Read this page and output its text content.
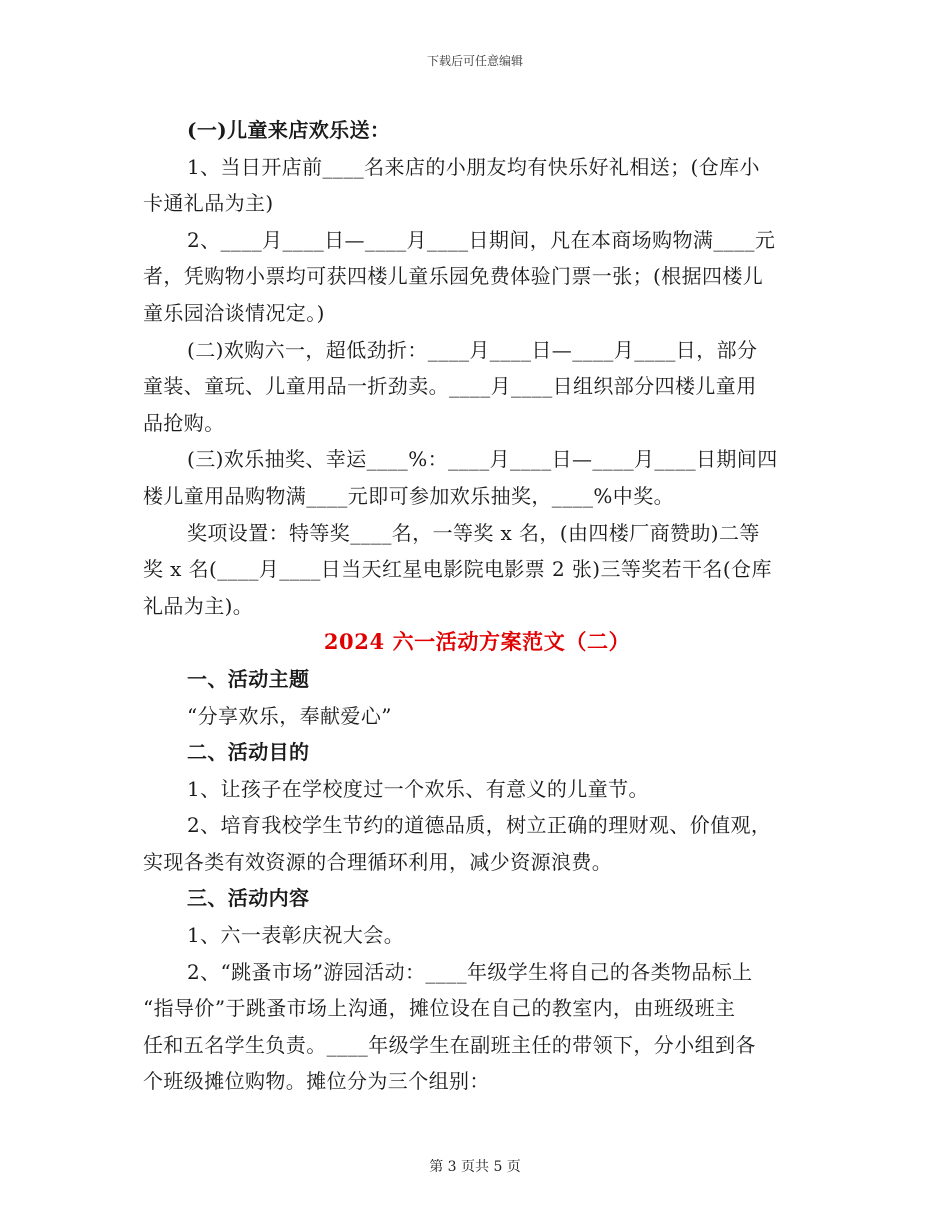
下载后可任意编辑

(一)儿童来店欢乐送：

1、当日开店前____名来店的小朋友均有快乐好礼相送；(仓库小

卡通礼品为主)

2、____月____日—____月____日期间，凡在本商场购物满____元

者，凭购物小票均可获四楼儿童乐园免费体验门票一张；(根据四楼儿

童乐园洽谈情况定。)

(二)欢购六一，超低劲折：____月____日—____月____日，部分

童装、童玩、儿童用品一折劲卖。____月____日组织部分四楼儿童用

品抢购。

(三)欢乐抽奖、幸运____%：____月____日—____月____日期间四

楼儿童用品购物满____元即可参加欢乐抽奖，____%中奖。

奖项设置：特等奖____名，一等奖 x 名，(由四楼厂商赞助)二等

奖 x 名(____月____日当天红星电影院电影票 2 张)三等奖若干名(仓库

礼品为主)。

2024 六一活动方案范文（二）

一、活动主题

“分享欢乐，奉献爱心”

二、活动目的

1、让孩子在学校度过一个欢乐、有意义的儿童节。

2、培育我校学生节约的道德品质，树立正确的理财观、价值观，

实现各类有效资源的合理循环利用，减少资源浪费。

三、活动内容

1、六一表彰庆祝大会。

2、“跳蚤市场”游园活动：____年级学生将自己的各类物品标上

“指导价”于跳蚤市场上沟通，摊位设在自己的教室内，由班级班主

任和五名学生负责。____年级学生在副班主任的带领下，分小组到各

个班级摊位购物。摊位分为三个组别：

第 3 页共 5 页
